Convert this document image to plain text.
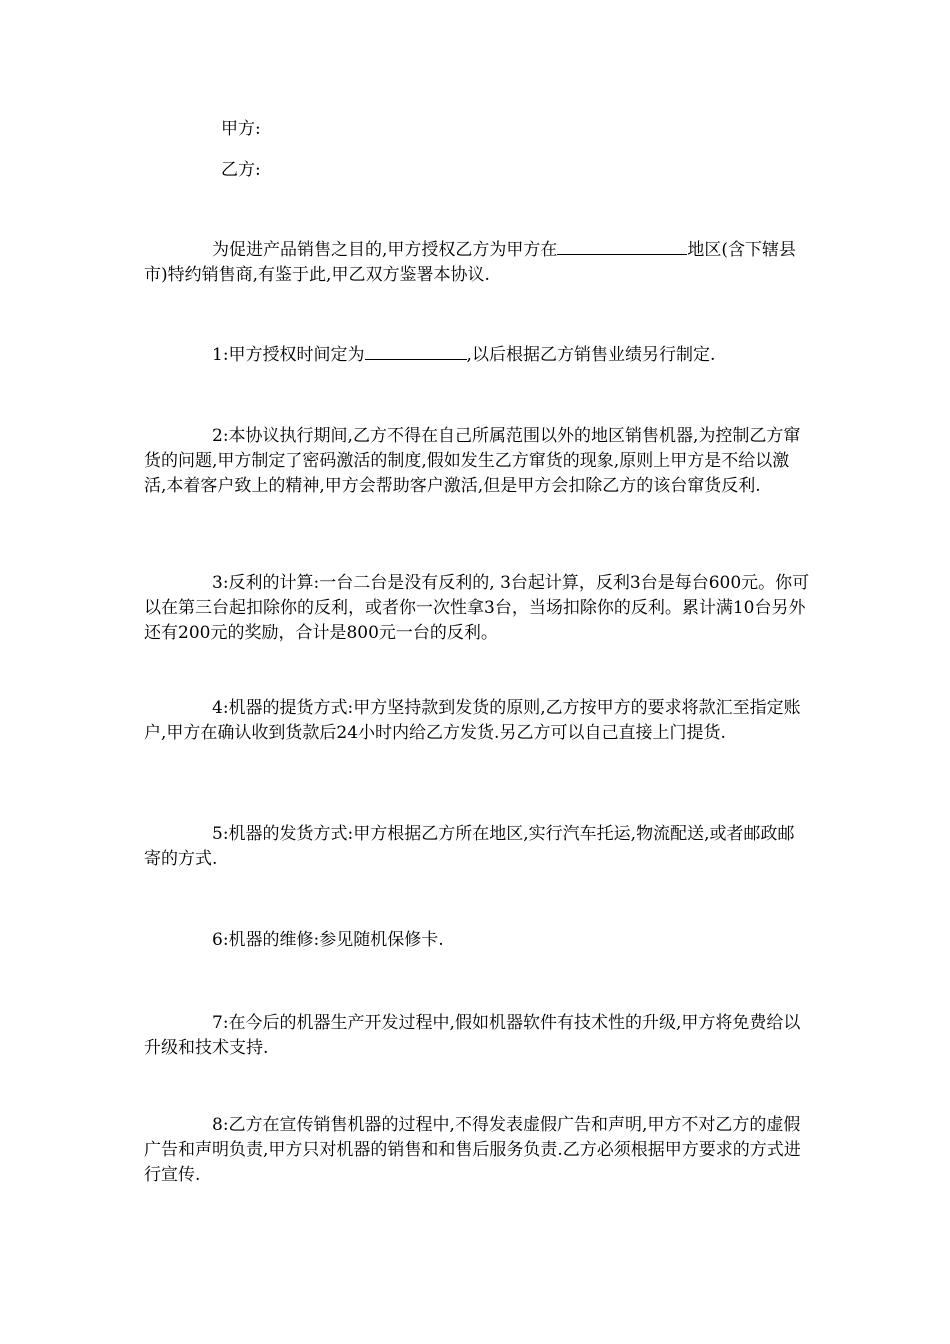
甲方:
乙方:
为促进产品销售之目的,甲方授权乙方为甲方在	地区(含下辖县市)特约销售商,有鉴于此,甲乙双方鉴署本协议.
1:甲方授权时间定为	,以后根据乙方销售业绩另行制定.
2:本协议执行期间,乙方不得在自己所属范围以外的地区销售机器,为控制乙方窜货的问题,甲方制定了密码激活的制度,假如发生乙方窜货的现象,原则上甲方是不给以激活,本着客户致上的精神,甲方会帮助客户激活,但是甲方会扣除乙方的该台窜货反利.
3:反利的计算:一台二台是没有反利的, 3台起计算，反利3台是每台600元。你可以在第三台起扣除你的反利，或者你一次性拿3台，当场扣除你的反利。累计满10台另外还有200元的奖励，合计是800元一台的反利。
4:机器的提货方式:甲方坚持款到发货的原则,乙方按甲方的要求将款汇至指定账户,甲方在确认收到货款后24小时内给乙方发货.另乙方可以自己直接上门提货.
5:机器的发货方式:甲方根据乙方所在地区,实行汽车托运,物流配送,或者邮政邮寄的方式.
6:机器的维修:参见随机保修卡.
7:在今后的机器生产开发过程中,假如机器软件有技术性的升级,甲方将免费给以升级和技术支持.
8:乙方在宣传销售机器的过程中,不得发表虚假广告和声明,甲方不对乙方的虚假广告和声明负责,甲方只对机器的销售和和售后服务负责.乙方必须根据甲方要求的方式进行宣传.
